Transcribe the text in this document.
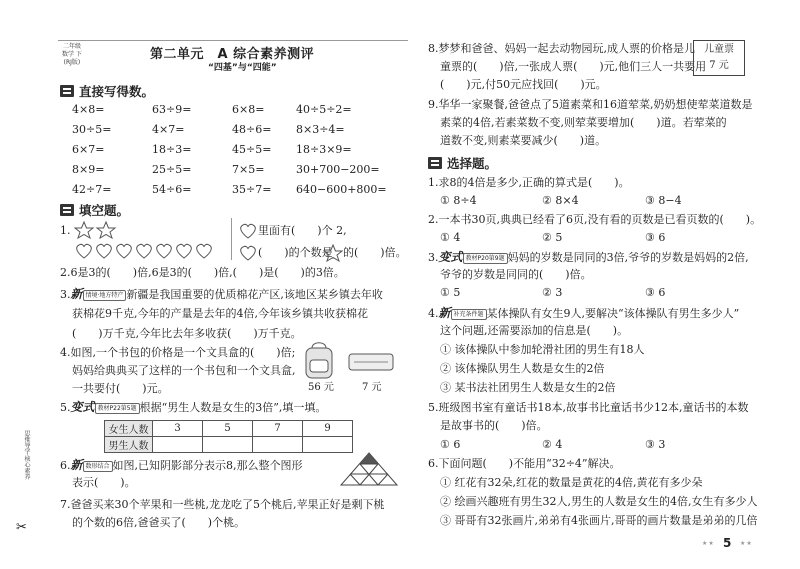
二年级
数学 下
(RJ版)
第二单元　A 综合素养测评
“四基”与“四能”
直接写得数。
4×8=	63÷9=	6×8=	40÷5÷2=
30÷5=	4×7=	48÷6= 8×3÷4=
6×7=	18÷3=	45÷5= 18÷3×9=
8×9=	25÷5=	7×5=	30+700−200=
42÷7=	54÷6=	35÷7= 640−600+800=
填空题。
1.	里面有(　　)个 2,
(　　)的个数是 的(　　)倍。
2.6是3的(　　)倍,6是3的(　　)倍,(　　)是(　　)的3倍。
3.新 情境·地方特产 新疆是我国重要的优质棉花产区,该地区某乡镇去年收
获棉花9千克,今年的产量是去年的4倍,今年该乡镇共收获棉花
(　　)万千克,今年比去年多收获(　　)万千克。
4.如图,一个书包的价格是一个文具盒的(　　)倍;
妈妈给典典买了这样的一个书包和一个文具盒,
一共要付(　　)元。	56 元	7 元
5.变式 教材P22第5题 根据“男生人数是女生的3倍”,填一填。
女生人数	3	5	7	9
男生人数				
6.新 数形结合 如图,已知阴影部分表示8,那么整个图形
表示(　　)。
7.爸爸买来30个苹果和一些桃,龙龙吃了5个桃后,苹果正好是剩下桃
的个数的6倍,爸爸买了(　　)个桃。
8.梦梦和爸爸、妈妈一起去动物园玩,成人票的价格是儿
童票的(　　)倍,一张成人票(　　)元,他们三人一共要用
(　　)元,付50元应找回(　　)元。
儿童票
7 元
9.华华一家聚餐,爸爸点了5道素菜和16道荤菜,奶奶想使荤菜道数是
素菜的4倍,若素菜数不变,则荤菜要增加(　　)道。若荤菜的
道数不变,则素菜要减少(　　)道。
选择题。
1.求8的4倍是多少,正确的算式是(　　)。
① 8÷4	② 8×4	③ 8−4
2.一本书30页,典典已经看了6页,没有看的页数是已看页数的(　　)。
① 4	② 5	③ 6
3.变式 教材P20第9题 妈妈的岁数是同同的3倍,爷爷的岁数是妈妈的2倍,
爷爷的岁数是同同的(　　)倍。
① 5	② 3	③ 6
4.新 补充条件题 某体操队有女生9人,要解决“该体操队有男生多少人”
这个问题,还需要添加的信息是(　　)。
① 该体操队中参加轮滑社团的男生有18人
② 该体操队男生人数是女生的2倍
③ 某书法社团男生人数是女生的2倍
5.班级图书室有童话书18本,故事书比童话书少12本,童话书的本数
是故事书的(　　)倍。
① 6	② 4	③ 3
6.下面问题(　　)不能用“32÷4”解决。
① 红花有32朵,红花的数量是黄花的4倍,黄花有多少朵
② 绘画兴趣班有男生32人,男生的人数是女生的4倍,女生有多少人
③ 哥哥有32张画片,弟弟有4张画片,哥哥的画片数量是弟弟的几倍
思维导学·核心素养
✂
★★ 5 ★★
